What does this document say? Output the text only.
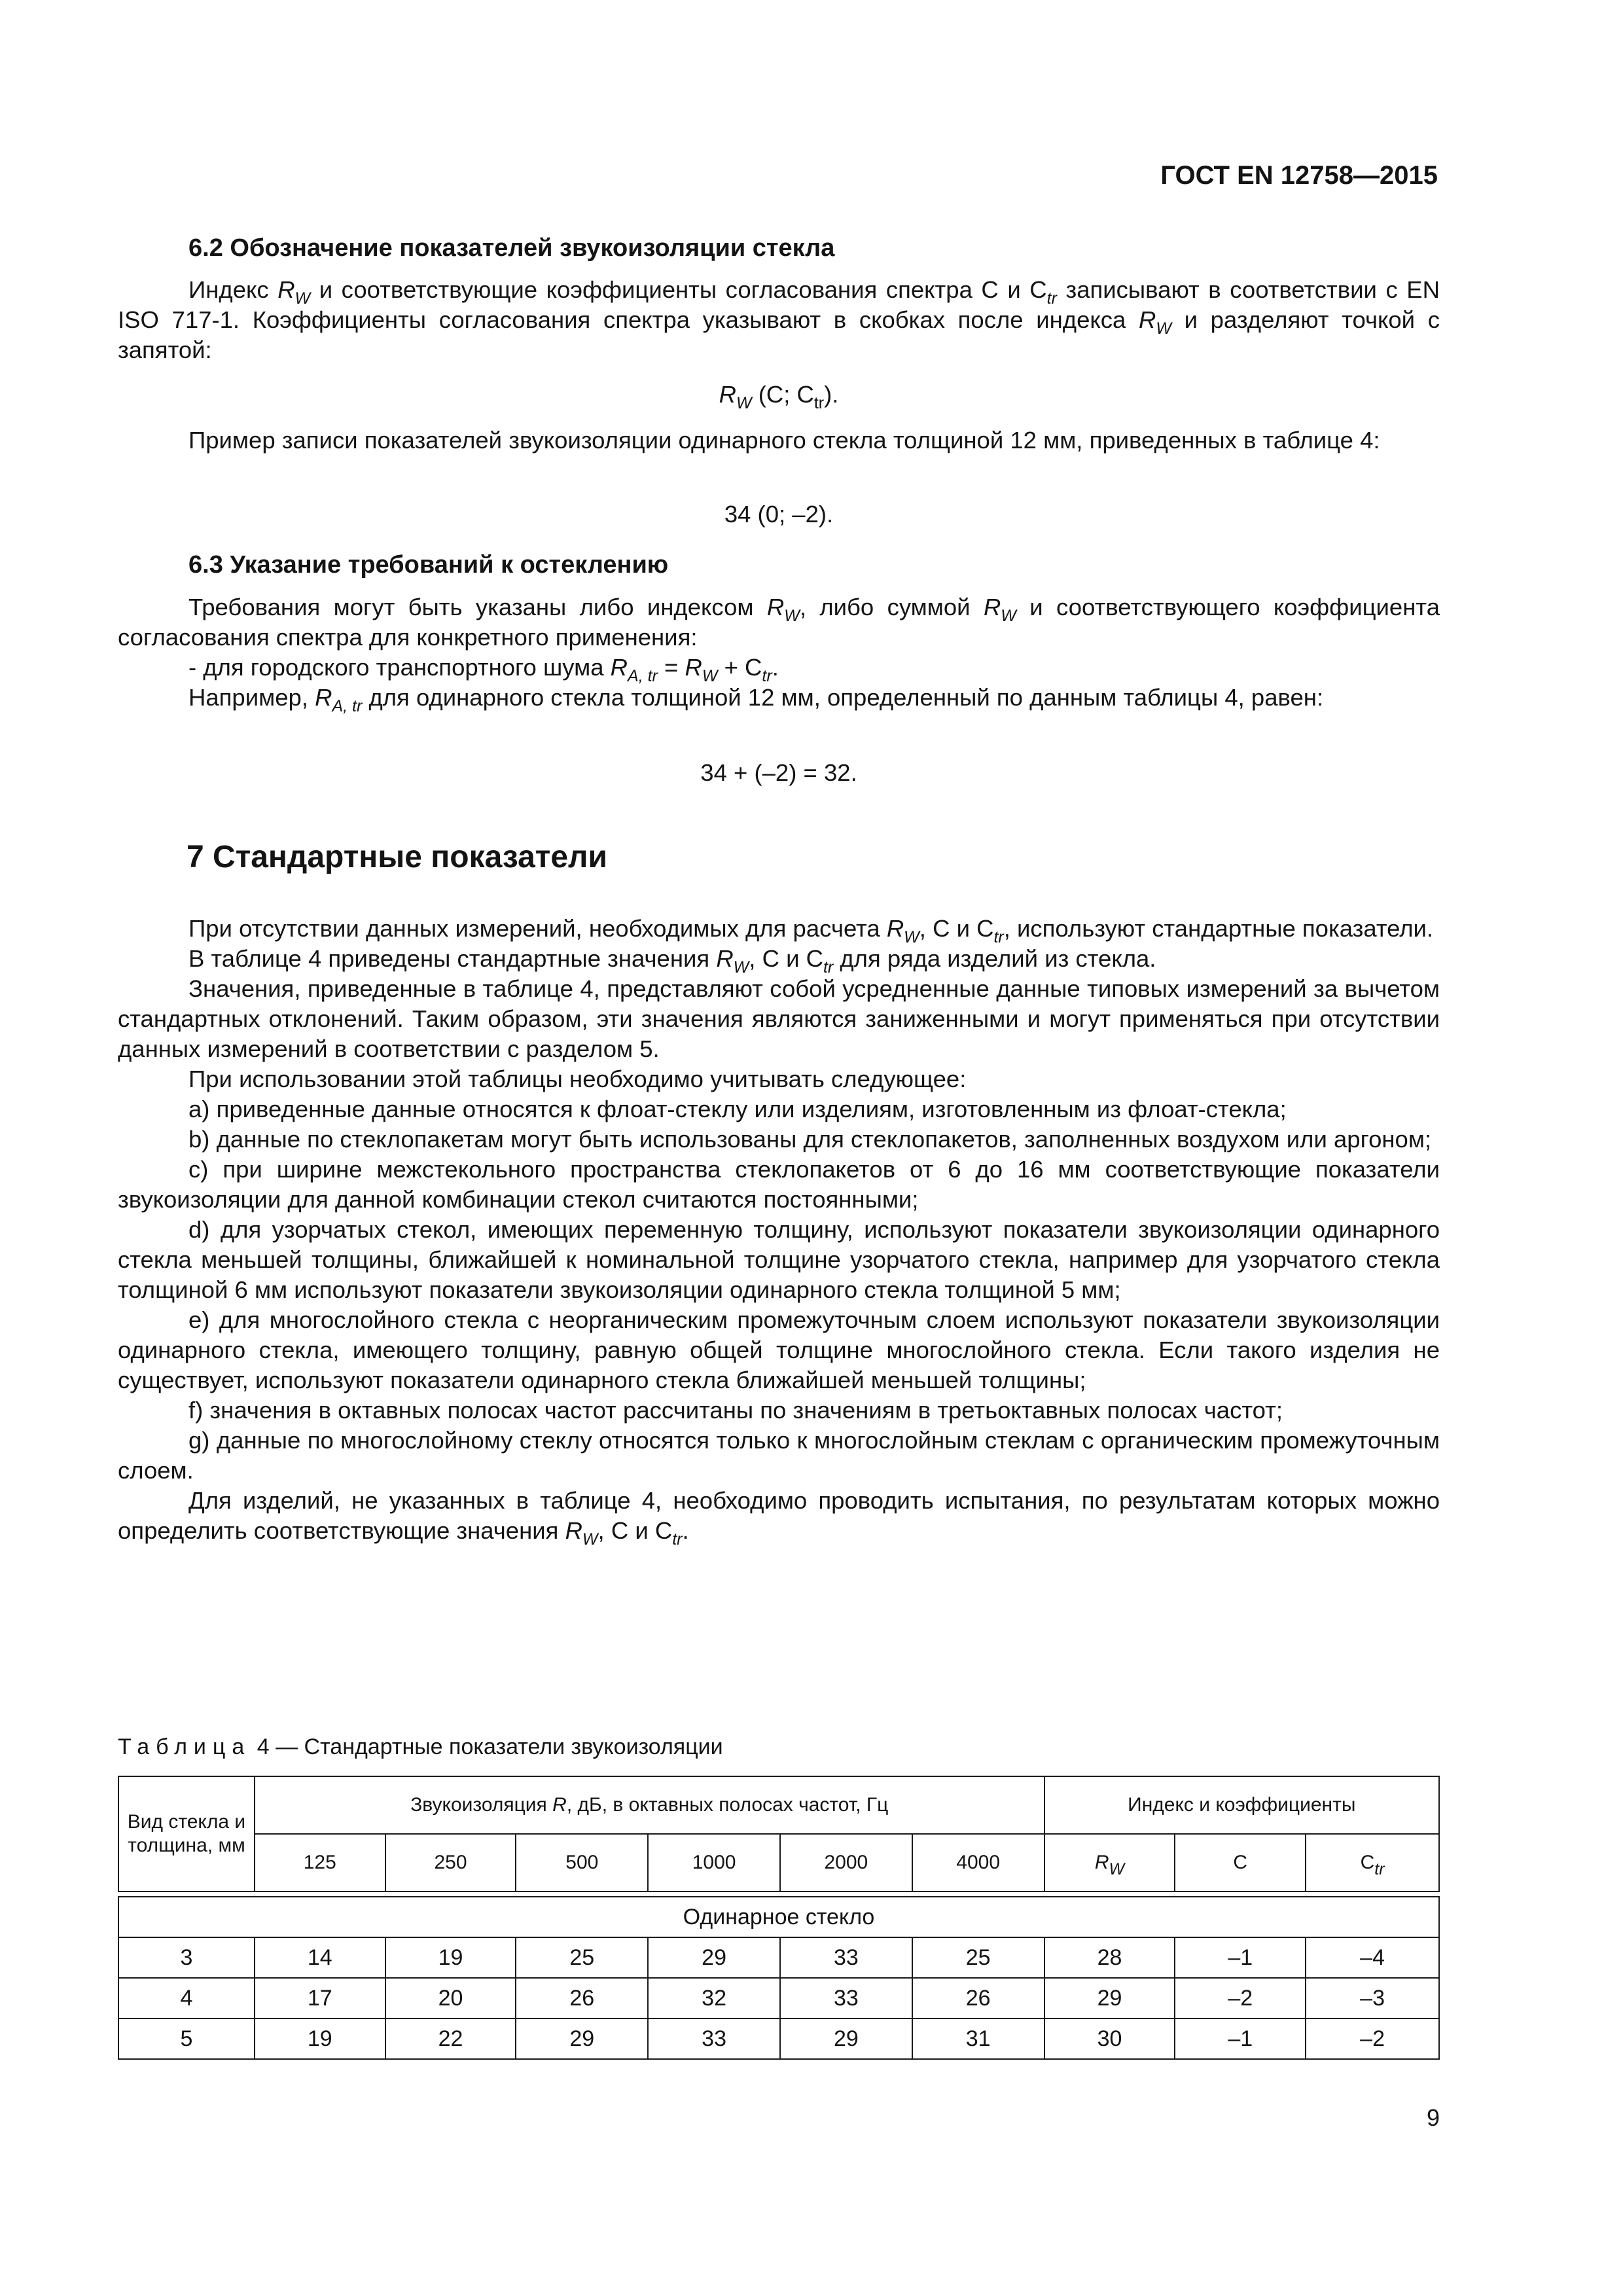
ГОСТ EN 12758—2015
6.2 Обозначение показателей звукоизоляции стекла
Индекс $R_W$ и соответствующие коэффициенты согласования спектра C и $C_{tr}$ записывают в соответствии с EN ISO 717-1. Коэффициенты согласования спектра указывают в скобках после индекса $R_W$ и разделяют точкой с запятой:
$R_W$ (C; $C_{tr}$).
Пример записи показателей звукоизоляции одинарного стекла толщиной 12 мм, приведенных в таблице 4:
34 (0; –2).
6.3 Указание требований к остеклению
Требования могут быть указаны либо индексом $R_W$, либо суммой $R_W$ и соответствующего коэффициента согласования спектра для конкретного применения:
- для городского транспортного шума $R_{A, tr} = R_W + C_{tr}$.
Например, $R_{A, tr}$ для одинарного стекла толщиной 12 мм, определенный по данным таблицы 4, равен:
34 + (–2) = 32.
7 Стандартные показатели
При отсутствии данных измерений, необходимых для расчета $R_W$, C и $C_{tr}$, используют стандартные показатели.
В таблице 4 приведены стандартные значения $R_W$, C и $C_{tr}$ для ряда изделий из стекла.
Значения, приведенные в таблице 4, представляют собой усредненные данные типовых измерений за вычетом стандартных отклонений. Таким образом, эти значения являются заниженными и могут применяться при отсутствии данных измерений в соответствии с разделом 5.
При использовании этой таблицы необходимо учитывать следующее:
a) приведенные данные относятся к флоат-стеклу или изделиям, изготовленным из флоат-стекла;
b) данные по стеклопакетам могут быть использованы для стеклопакетов, заполненных воздухом или аргоном;
c) при ширине межстекольного пространства стеклопакетов от 6 до 16 мм соответствующие показатели звукоизоляции для данной комбинации стекол считаются постоянными;
d) для узорчатых стекол, имеющих переменную толщину, используют показатели звукоизоляции одинарного стекла меньшей толщины, ближайшей к номинальной толщине узорчатого стекла, например для узорчатого стекла толщиной 6 мм используют показатели звукоизоляции одинарного стекла толщиной 5 мм;
e) для многослойного стекла с неорганическим промежуточным слоем используют показатели звукоизоляции одинарного стекла, имеющего толщину, равную общей толщине многослойного стекла. Если такого изделия не существует, используют показатели одинарного стекла ближайшей меньшей толщины;
f) значения в октавных полосах частот рассчитаны по значениям в третьоктавных полосах частот;
g) данные по многослойному стеклу относятся только к многослойным стеклам с органическим промежуточным слоем.
Для изделий, не указанных в таблице 4, необходимо проводить испытания, по результатам которых можно определить соответствующие значения $R_W$, C и $C_{tr}$.
Таблица 4 — Стандартные показатели звукоизоляции
Вид стекла и толщина, мм	Звукоизоляция R, дБ, в октавных полосах частот, Гц						Индекс и коэффициенты		
	125	250	500	1000	2000	4000	$R_W$	C	$C_{tr}$

Одинарное стекло									
3	14	19	25	29	33	25	28	–1	–4
4	17	20	26	32	33	26	29	–2	–3
5	19	22	29	33	29	31	30	–1	–2
9
